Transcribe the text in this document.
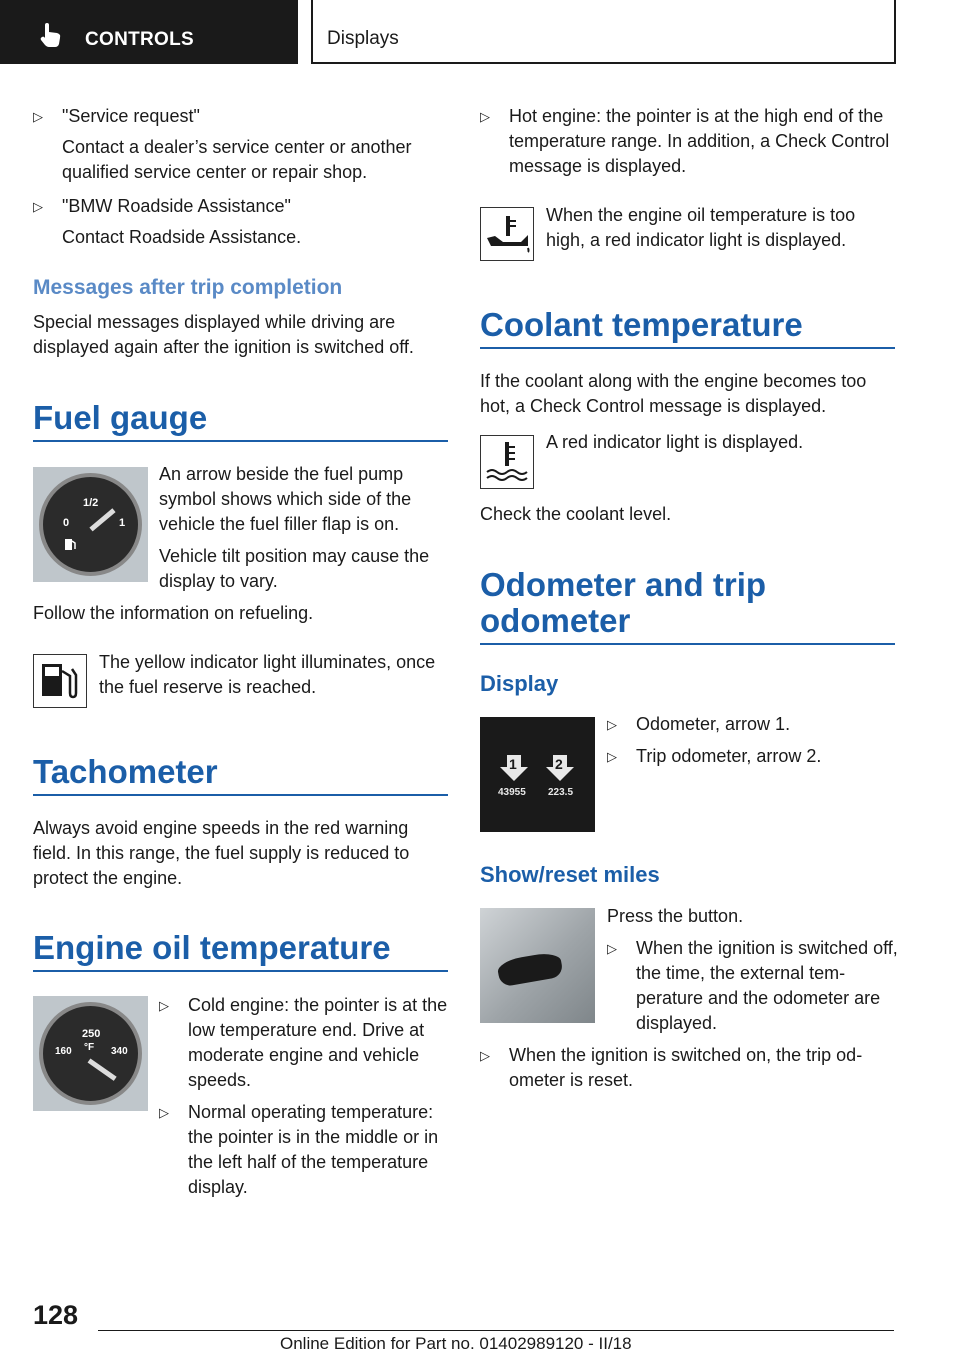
CONTROLS	Displays
▷	"Service request"
Contact a dealer’s service center or another qualified service center or repair shop.
▷	"BMW Roadside Assistance"
Contact Roadside Assistance.
Messages after trip completion
Special messages displayed while driving are displayed again after the ignition is switched off.
Fuel gauge
0
1/2
1
An arrow beside the fuel pump symbol shows which side of the vehicle the fuel filler flap is on.
Vehicle tilt position may cause the display to vary.
Follow the information on refueling.
The yellow indicator light illuminates, once the fuel reserve is reached.
Tachometer
Always avoid engine speeds in the red warning field. In this range, the fuel supply is reduced to protect the engine.
Engine oil temperature
160
250
°F 340
▷	Cold engine: the pointer is at the low temperature end. Drive at moderate engine and vehicle speeds.
▷	Normal operating temperature: the pointer is in the middle or in the left half of the temperature display.
▷	Hot engine: the pointer is at the high end of the temperature range. In addition, a Check Control message is displayed.
When the engine oil temperature is too high, a red indicator light is displayed.
Coolant temperature
If the coolant along with the engine becomes too hot, a Check Control message is displayed.
A red indicator light is displayed.
Check the coolant level.
Odometer and trip
odometer
Display
1	2
43955 223.5
▷	Odometer, arrow 1.
▷	Trip odometer, arrow 2.
Show/reset miles
Press the button.
▷	When the ignition is switched off, the time, the external temperature and the odometer are displayed.
▷	When the ignition is switched on, the trip odometer is reset.
128
Online Edition for Part no. 01402989120 - II/18
